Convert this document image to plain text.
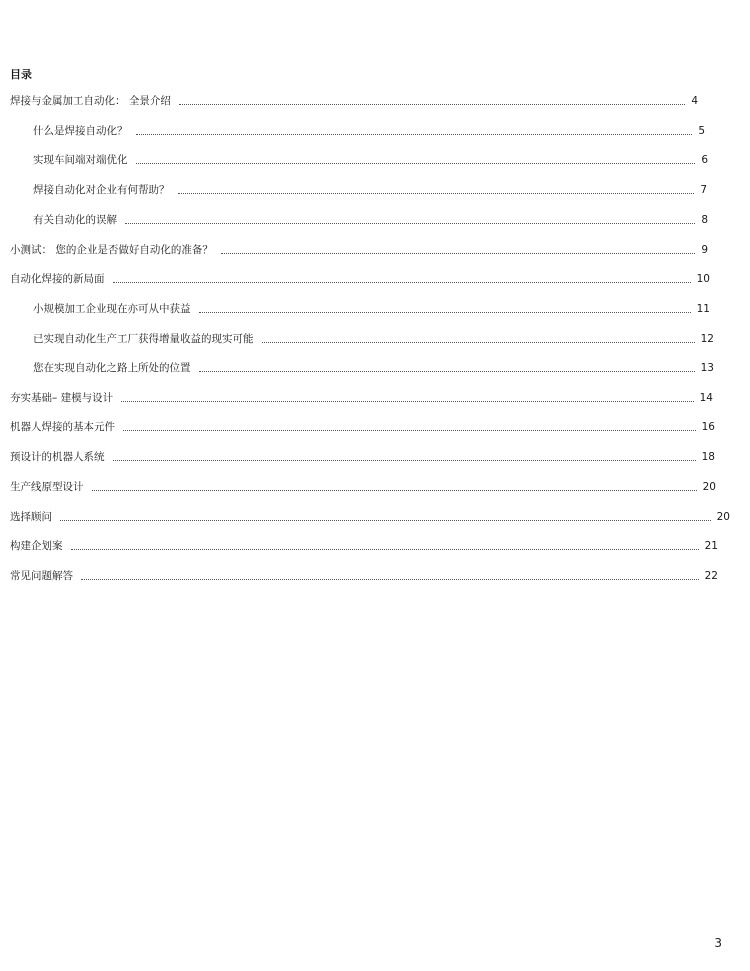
目录
焊接与金属加工自动化： 全景介绍	4
什么是焊接自动化？	5
实现车间端对端优化	6
焊接自动化对企业有何帮助？	7
有关自动化的误解	8
小测试： 您的企业是否做好自动化的准备？	9
自动化焊接的新局面	10
小规模加工企业现在亦可从中获益	11
已实现自动化生产工厂获得增量收益的现实可能	12
您在实现自动化之路上所处的位置	13
夯实基础– 建模与设计	14
机器人焊接的基本元件	16
预设计的机器人系统	18
生产线原型设计	20
选择顾问	20
构建企划案	21
常见问题解答	22
3
